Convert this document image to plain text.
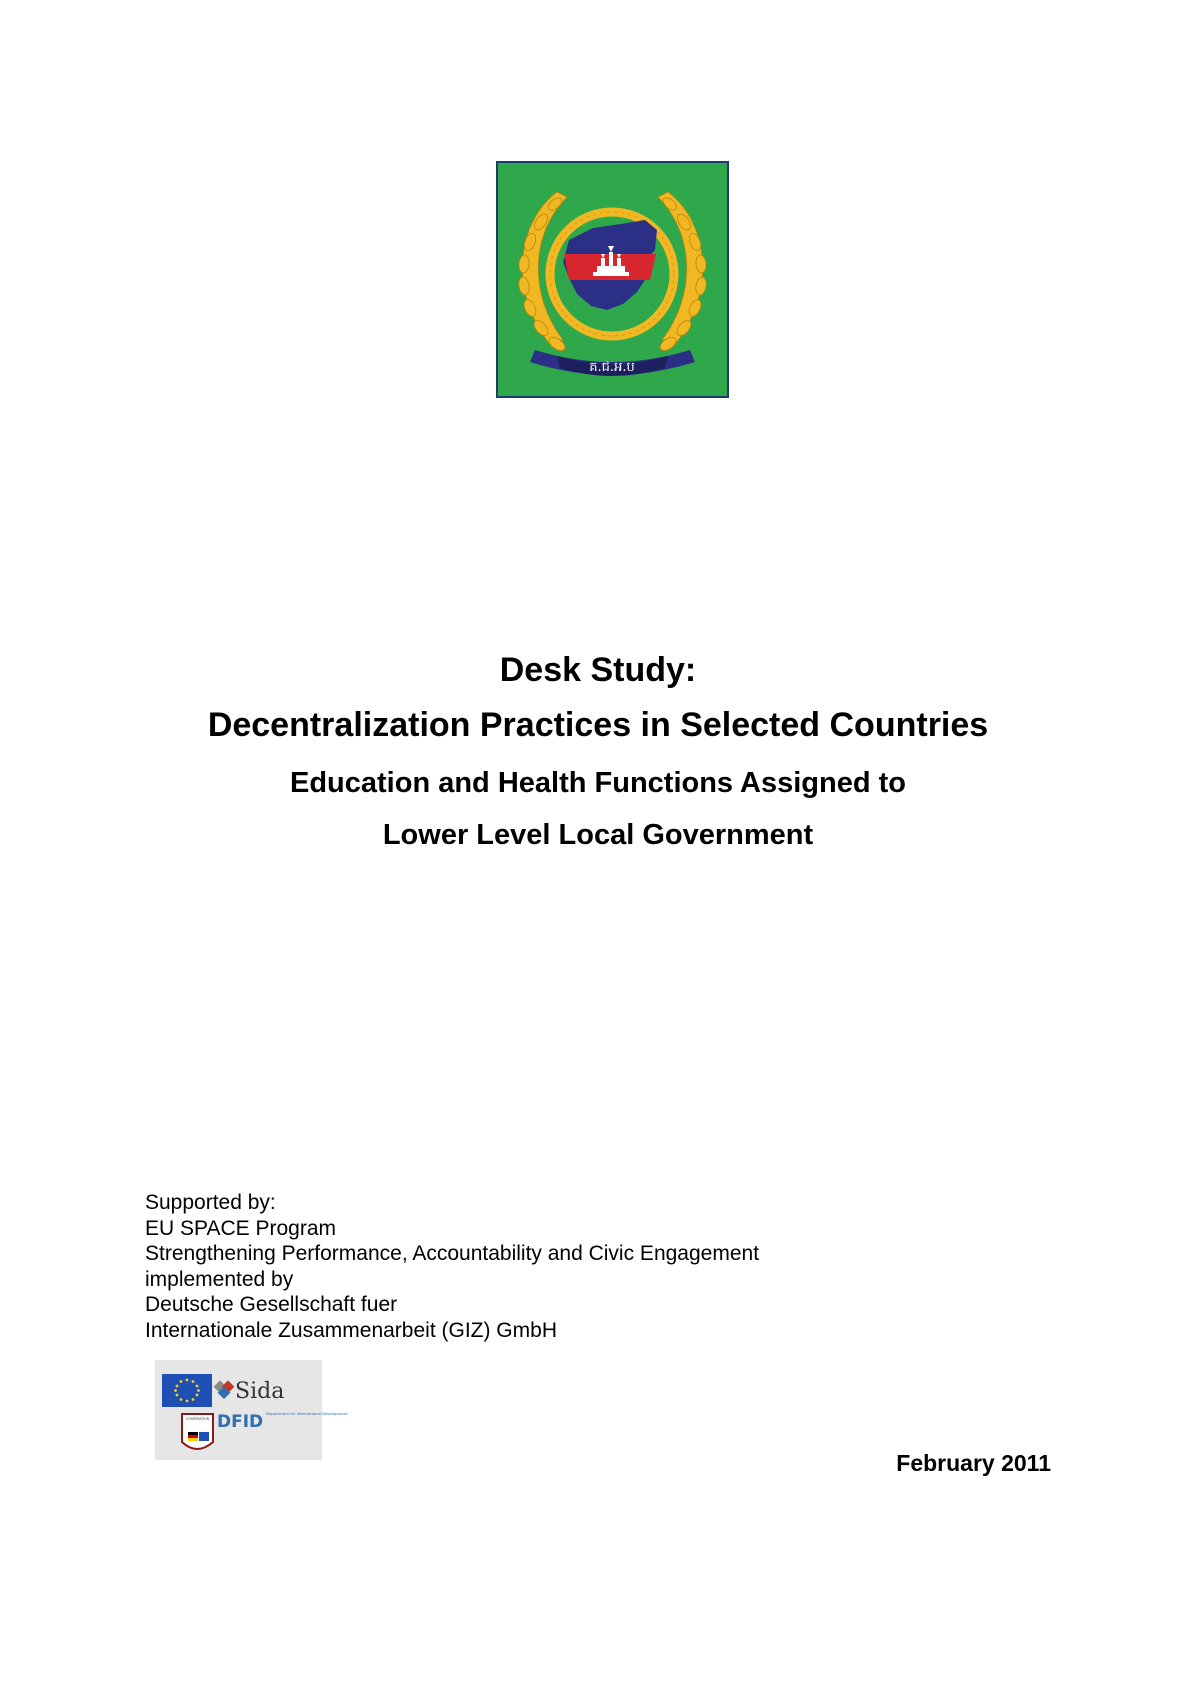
គ.ជ.អ.ប
Desk Study:
Decentralization Practices in Selected Countries
Education and Health Functions Assigned to
Lower Level Local Government
Supported by:
EU SPACE Program
Strengthening Performance, Accountability and Civic Engagement
implemented by
Deutsche Gesellschaft fuer
Internationale Zusammenarbeit (GIZ) GmbH
Sida
COOPERATION DFID Department for International Development
February 2011
